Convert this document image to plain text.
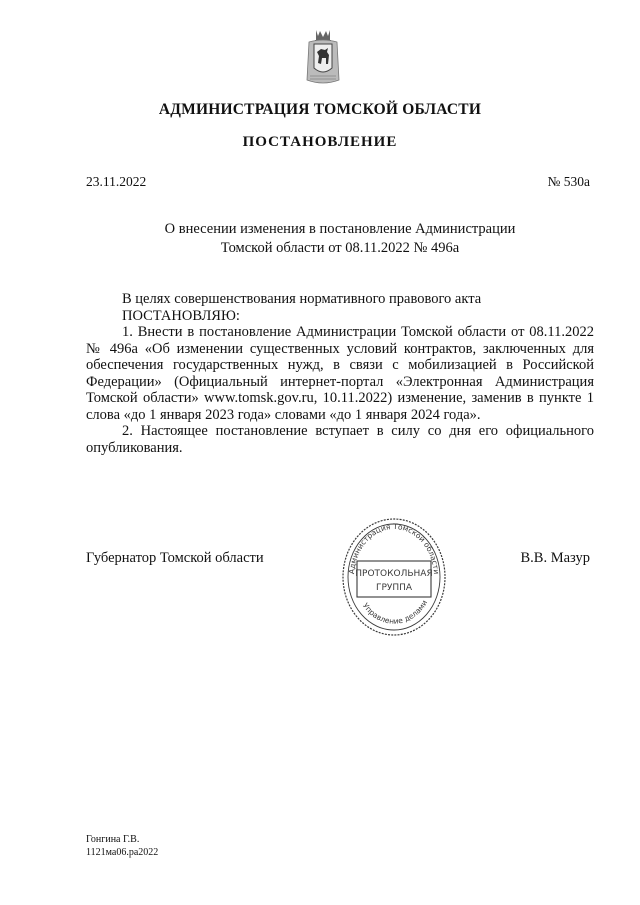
АДМИНИСТРАЦИЯ ТОМСКОЙ ОБЛАСТИ
ПОСТАНОВЛЕНИЕ
23.11.2022	№ 530а
О внесении изменения в постановление Администрации
Томской области от 08.11.2022 № 496а

В целях совершенствования нормативного правового акта

ПОСТАНОВЛЯЮ:

1. Внести в постановление Администрации Томской области от 08.11.2022 № 496а «Об изменении существенных условий контрактов, заключенных для обеспечения государственных нужд, в связи с мобилизацией в Российской Федерации» (Официальный интернет-портал «Электронная Администрация Томской области» www.tomsk.gov.ru, 10.11.2022) изменение, заменив в пункте 1 слова «до 1 января 2023 года» словами «до 1 января 2024 года».

2. Настоящее постановление вступает в силу со дня его официального опубликования.

Губернатор Томской области	В.В. Мазур
Администрация Томской области
ПРОТОКОЛЬНАЯ
ГРУППА
Управление делами
Гонгина Г.В.
1121ма06.ра2022
